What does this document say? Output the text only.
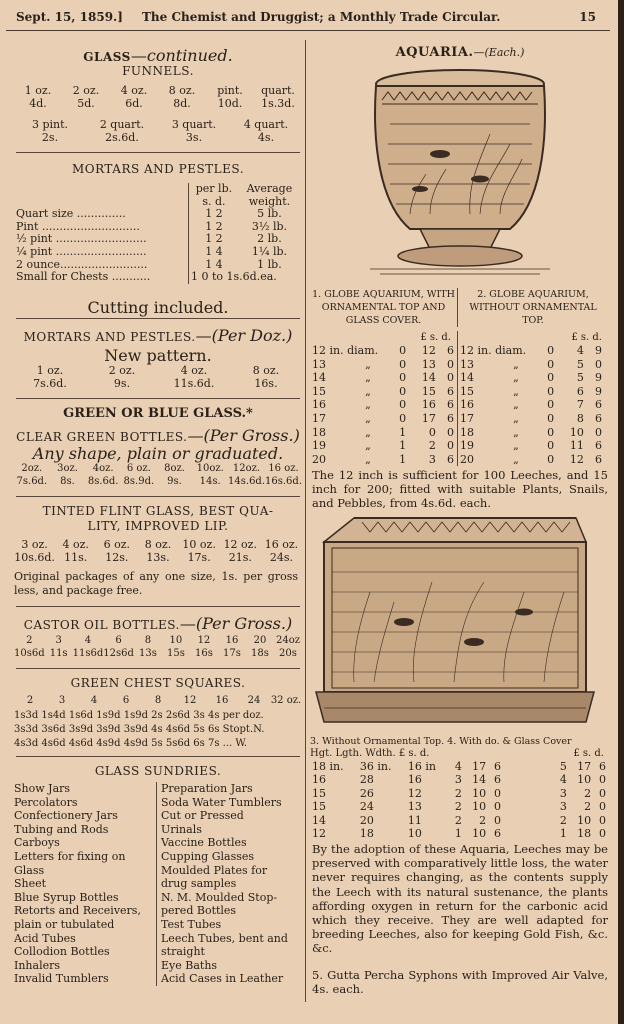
Sept. 15, 1859.] The Chemist and Druggist; a Monthly Trade Circular.	15
GLASS—continued.
FUNNELS.
1 oz.	2 oz.	4 oz.	8 oz.	pint.	quart.
4d.	5d.	6d.	8d.	10d.	1s.3d.
3 pint.	2 quart.	3 quart.	4 quart.
2s.	2s.6d.	3s.	4s.
MORTARS AND PESTLES.
	per lb.	Average
	s. d.	weight.
Quart size ..............	1 2	5 lb.
Pint ............................	1 2	3½ lb.
½ pint ..........................	1 2	2 lb.
¼ pint ..........................	1 4	1¼ lb.
2 ounce.........................	1 4	1 lb.
Small for Chests ...........	1 0 to 1s.6d.ea.	
Cutting included.
MORTARS AND PESTLES.—(Per Doz.)
New pattern.
1 oz.	2 oz.	4 oz.	8 oz.
7s.6d.	9s.	11s.6d.	16s.
GREEN OR BLUE GLASS.*
CLEAR GREEN BOTTLES.—(Per Gross.)
Any shape, plain or graduated.
2oz.	3oz.	4oz.	6 oz.	8oz.	10oz. 12oz. 16 oz.
7s.6d.	8s.	8s.6d. 8s.9d.	9s.	14s. 14s.6d. 16s.6d.
TINTED FLINT GLASS, BEST QUA-
LITY, IMPROVED LIP.
3 oz.	4 oz.	6 oz.	8 oz.	10 oz. 12 oz. 16 oz.
10s.6d. 11s.	12s.	13s.	17s.	21s.	24s.
Original packages of any one size, 1s. per gross less, and package free.
CASTOR OIL BOTTLES.—(Per Gross.)
2	3	4	6	8	10	12	16	20 24oz
10s6d 11s 11s6d 12s6d 13s	15s	16s	17s	18s	20s
GREEN CHEST SQUARES.
2	3	4	6	8	12	16	24	32 oz.
1s3d 1s4d 1s6d 1s9d 1s9d 2s 2s6d 3s 4s per doz.
3s3d 3s6d 3s9d 3s9d 3s9d 4s 4s6d 5s 6s Stopt.N.
4s3d 4s6d 4s6d 4s9d 4s9d 5s 5s6d 6s 7s ... W.
GLASS SUNDRIES.
Show Jars
Percolators
Confectionery Jars
Tubing and Rods
Carboys
Letters for fixing on
Glass
Sheet
Blue Syrup Bottles
Retorts and Receivers,
plain or tubulated
Acid Tubes
Collodion Bottles
Inhalers
Invalid Tumblers
Preparation Jars
Soda Water Tumblers
Cut or Pressed
Urinals
Vaccine Bottles
Cupping Glasses
Moulded Plates for
drug samples
N. M. Moulded Stop-
pered Bottles
Test Tubes
Leech Tubes, bent and
straight
Eye Baths
Acid Cases in Leather
AQUARIA.—(Each.)
1. GLOBE AQUARIUM, WITH ORNAMENTAL TOP AND GLASS COVER.
2. GLOBE AQUARIUM, WITHOUT ORNAMENTAL TOP.
£ s. d.
12 in. diam.		0	12	6
13	„	0	13	0
14	„	0	14	0
15	„	0	15	6
16	„	0	16	6
17	„	0	17	6
18	„	1	0	0
19	„	1	2	0
20	„	1	3	6
£ s. d.
12 in. diam.		0	4	9
13	„	0	5	0
14	„	0	5	9
15	„	0	6	9
16	„	0	7	6
17	„	0	8	6
18	„	0	10	0
19	„	0	11	6
20	„	0	12	6
The 12 inch is sufficient for 100 Leeches, and 15 inch for 200; fitted with suitable Plants, Snails, and Pebbles, from 4s.6d. each.
3. Without Ornamental Top. 4. With do. & Glass Cover
Hgt. Lgth. Wdth. £ s. d.	£ s. d.
18 in.	36 in.	16 in	4	17	6	5	17	6
16	28	16	3	14	6	4	10	0
15	26	12	2	10	0	3	2	0
15	24	13	2	10	0	3	2	0
14	20	11	2	2	0	2	10	0
12	18	10	1	10	6	1	18	0
By the adoption of these Aquaria, Leeches may be preserved with comparatively little loss, the water never requires changing, as the contents supply the Leech with its natural sustenance, the plants affording oxygen in return for the carbonic acid which they receive. They are well adapted for breeding Leeches, also for keeping Gold Fish, &c. &c.
5. Gutta Percha Syphons with Improved Air Valve, 4s. each.
